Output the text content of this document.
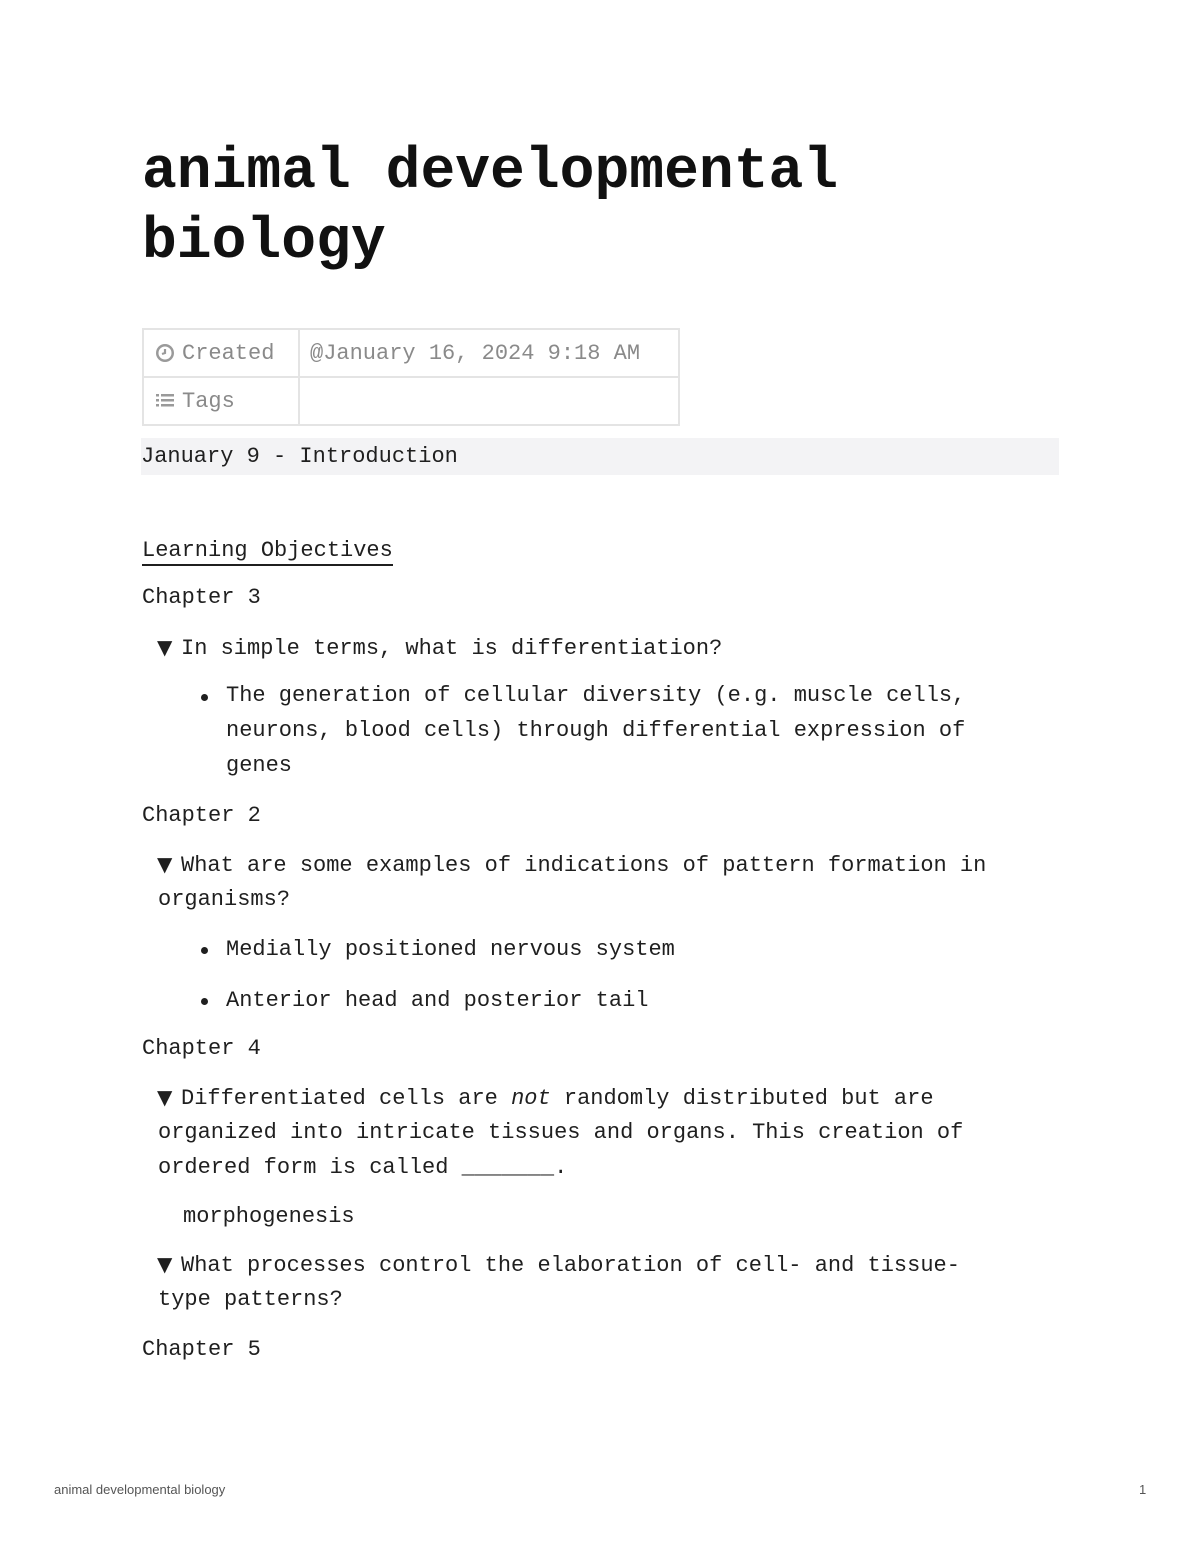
animal developmental biology
Created	@January 16, 2024 9:18 AM
Tags	
January 9 - Introduction

Learning Objectives

Chapter 3

▼ In simple terms, what is differentiation?

The generation of cellular diversity (e.g. muscle cells,

neurons, blood cells) through differential expression of

genes

Chapter 2

▼ What are some examples of indications of pattern formation in

organisms?

Medially positioned nervous system

Anterior head and posterior tail

Chapter 4

▼ Differentiated cells are not randomly distributed but are

organized into intricate tissues and organs. This creation of

ordered form is called _______.

morphogenesis

▼ What processes control the elaboration of cell- and tissue-

type patterns?

Chapter 5

animal developmental biology	1
